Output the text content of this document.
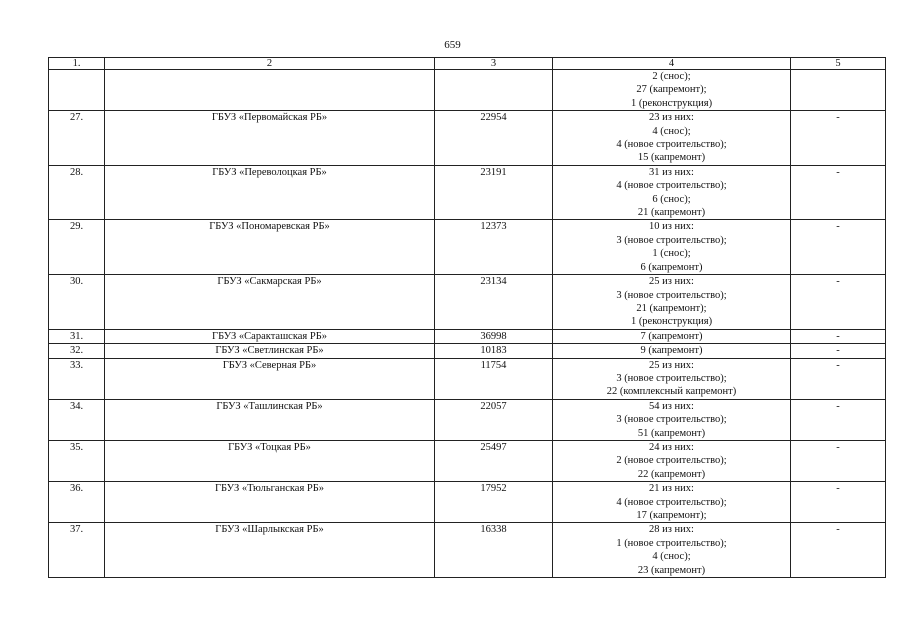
659
1.	2	3	4	5

			2 (снос);
27 (капремонт);
1 (реконструкция)	

27.	ГБУЗ «Первомайская РБ»	22954	23 из них:
4 (снос);
4 (новое строительство);
15 (капремонт)	-
28.	ГБУЗ «Переволоцкая РБ»	23191	31 из них:
4 (новое строительство);
6 (снос);
21 (капремонт)	-
29.	ГБУЗ «Пономаревская РБ»	12373	10 из них:
3 (новое строительство);
1 (снос);
6 (капремонт)	-
30.	ГБУЗ «Сакмарская РБ»	23134	25 из них:
3 (новое строительство);
21 (капремонт);
1 (реконструкция)	-
31.	ГБУЗ «Саракташская РБ»	36998	7 (капремонт)	-
32.	ГБУЗ «Светлинская РБ»	10183	9 (капремонт)	-
33.	ГБУЗ «Северная РБ»	11754	25 из них:
3 (новое строительство);
22 (комплексный капремонт)	-
34.	ГБУЗ «Ташлинская РБ»	22057	54 из них:
3 (новое строительство);
51 (капремонт)	-
35.	ГБУЗ «Тоцкая РБ»	25497	24 из них:
2 (новое строительство);
22 (капремонт)	-
36.	ГБУЗ «Тюльганская РБ»	17952	21 из них:
4 (новое строительство);
17 (капремонт);	-
37.	ГБУЗ «Шарлыкская РБ»	16338	28 из них:
1 (новое строительство);
4 (снос);
23 (капремонт)	-
